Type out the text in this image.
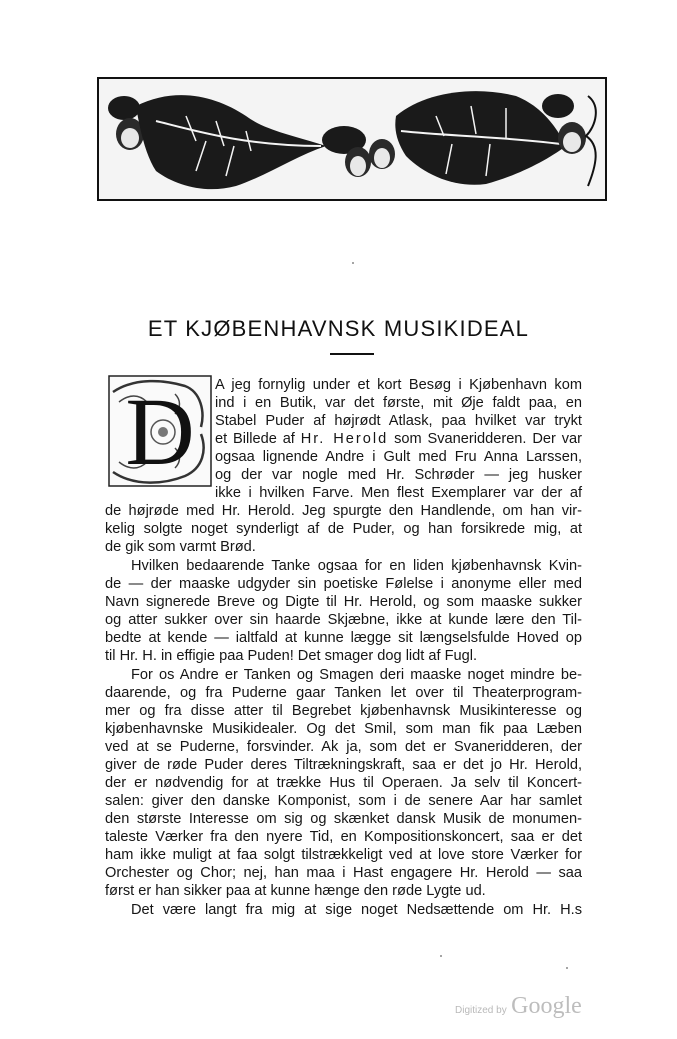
ET KJØBENHAVNSK MUSIKIDEAL
D A jeg fornylig under et kort Besøg i Kjøbenhavn kom
ind i en Butik, var det første, mit Øje faldt paa, en
Stabel Puder af højrødt Atlask, paa hvilket var trykt
et Billede af Hr. Herold som Svaneridderen. Der var
ogsaa lignende Andre i Gult med Fru Anna Larssen,
og der var nogle med Hr. Schrøder — jeg husker
ikke i hvilken Farve. Men flest Exemplarer var der af
de højrøde med Hr. Herold. Jeg spurgte den Handlende, om han vir-
kelig solgte noget synderligt af de Puder, og han forsikrede mig, at
de gik som varmt Brød.
Hvilken bedaarende Tanke ogsaa for en liden kjøbenhavnsk Kvin-
de — der maaske udgyder sin poetiske Følelse i anonyme eller med
Navn signerede Breve og Digte til Hr. Herold, og som maaske sukker
og atter sukker over sin haarde Skjæbne, ikke at kunde lære den Til-
bedte at kende — ialtfald at kunne lægge sit længselsfulde Hoved op
til Hr. H. in effigie paa Puden! Det smager dog lidt af Fugl.
For os Andre er Tanken og Smagen deri maaske noget mindre be-
daarende, og fra Puderne gaar Tanken let over til Theaterprogram-
mer og fra disse atter til Begrebet kjøbenhavnsk Musikinteresse og
kjøbenhavnske Musikidealer. Og det Smil, som man fik paa Læben
ved at se Puderne, forsvinder. Ak ja, som det er Svaneridderen, der
giver de røde Puder deres Tiltrækningskraft, saa er det jo Hr. Herold,
der er nødvendig for at trække Hus til Operaen. Ja selv til Koncert-
salen: giver den danske Komponist, som i de senere Aar har samlet
den største Interesse om sig og skænket dansk Musik de monumen-
taleste Værker fra den nyere Tid, en Kompositionskoncert, saa er det
ham ikke muligt at faa solgt tilstrækkeligt ved at love store Værker for
Orchester og Chor; nej, han maa i Hast engagere Hr. Herold — saa
først er han sikker paa at kunne hænge den røde Lygte ud.
Det være langt fra mig at sige noget Nedsættende om Hr. H.s
Digitized by Google
